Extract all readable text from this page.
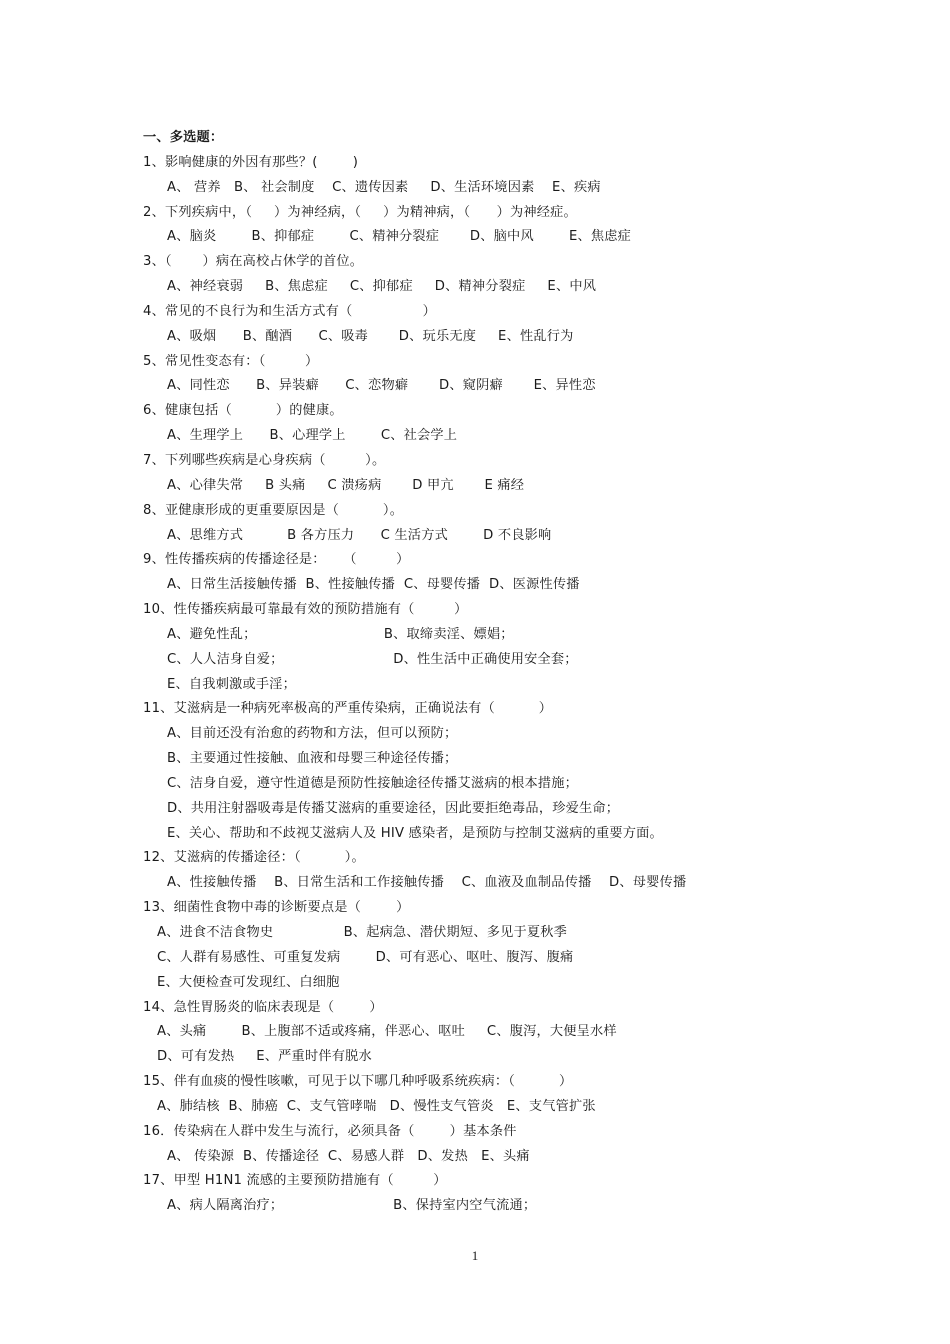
一、多选题：
1、影响健康的外因有那些？(        )
A、 营养   B、 社会制度    C、遗传因素     D、生活环境因素    E、疾病
2、下列疾病中，（     ）为神经病，（     ）为精神病，（      ）为神经症。
A、脑炎        B、抑郁症        C、精神分裂症       D、脑中风        E、焦虑症
3、（       ）病在高校占休学的首位。
A、神经衰弱     B、焦虑症     C、抑郁症     D、精神分裂症     E、中风
4、常见的不良行为和生活方式有（                ）
A、吸烟      B、酗酒      C、吸毒       D、玩乐无度     E、性乱行为
5、常见性变态有：（         ）
A、同性恋      B、异装癖      C、恋物癖       D、窥阴癖       E、异性恋
6、健康包括（          ）的健康。
A、生理学上      B、心理学上        C、社会学上
7、下列哪些疾病是心身疾病（         ）。
A、心律失常     B 头痛     C 溃疡病       D 甲亢       E 痛经
8、亚健康形成的更重要原因是（          ）。
A、思维方式          B 各方压力      C 生活方式        D 不良影响
9、性传播疾病的传播途径是：    （         ）
A、日常生活接触传播  B、性接触传播  C、母婴传播  D、医源性传播
10、性传播疾病最可靠最有效的预防措施有（         ）
A、避免性乱；                             B、取缔卖淫、嫖娼；
C、人人洁身自爱；                         D、性生活中正确使用安全套；
E、自我刺激或手淫；
11、艾滋病是一种病死率极高的严重传染病，正确说法有（          ）
A、目前还没有治愈的药物和方法，但可以预防；
B、主要通过性接触、血液和母婴三种途径传播；
C、洁身自爱，遵守性道德是预防性接触途径传播艾滋病的根本措施；
D、共用注射器吸毒是传播艾滋病的重要途径，因此要拒绝毒品，珍爱生命；
E、关心、帮助和不歧视艾滋病人及 HIV 感染者，是预防与控制艾滋病的重要方面。
12、艾滋病的传播途径：（          ）。
A、性接触传播    B、日常生活和工作接触传播    C、血液及血制品传播    D、母婴传播
13、细菌性食物中毒的诊断要点是（        ）
A、进食不洁食物史                B、起病急、潜伏期短、多见于夏秋季
C、人群有易感性、可重复发病        D、可有恶心、呕吐、腹泻、腹痛
E、大便检查可发现红、白细胞
14、急性胃肠炎的临床表现是（        ）
A、头痛        B、上腹部不适或疼痛，伴恶心、呕吐     C、腹泻，大便呈水样
D、可有发热     E、严重时伴有脱水
15、伴有血痰的慢性咳嗽，可见于以下哪几种呼吸系统疾病：（          ）
A、肺结核  B、肺癌  C、支气管哮喘   D、慢性支气管炎   E、支气管扩张
16．传染病在人群中发生与流行，必须具备（        ）基本条件
A、 传染源  B、传播途径  C、易感人群   D、发热   E、头痛
17、甲型 H1N1 流感的主要预防措施有（         ）
A、病人隔离治疗；                         B、保持室内空气流通；
1
